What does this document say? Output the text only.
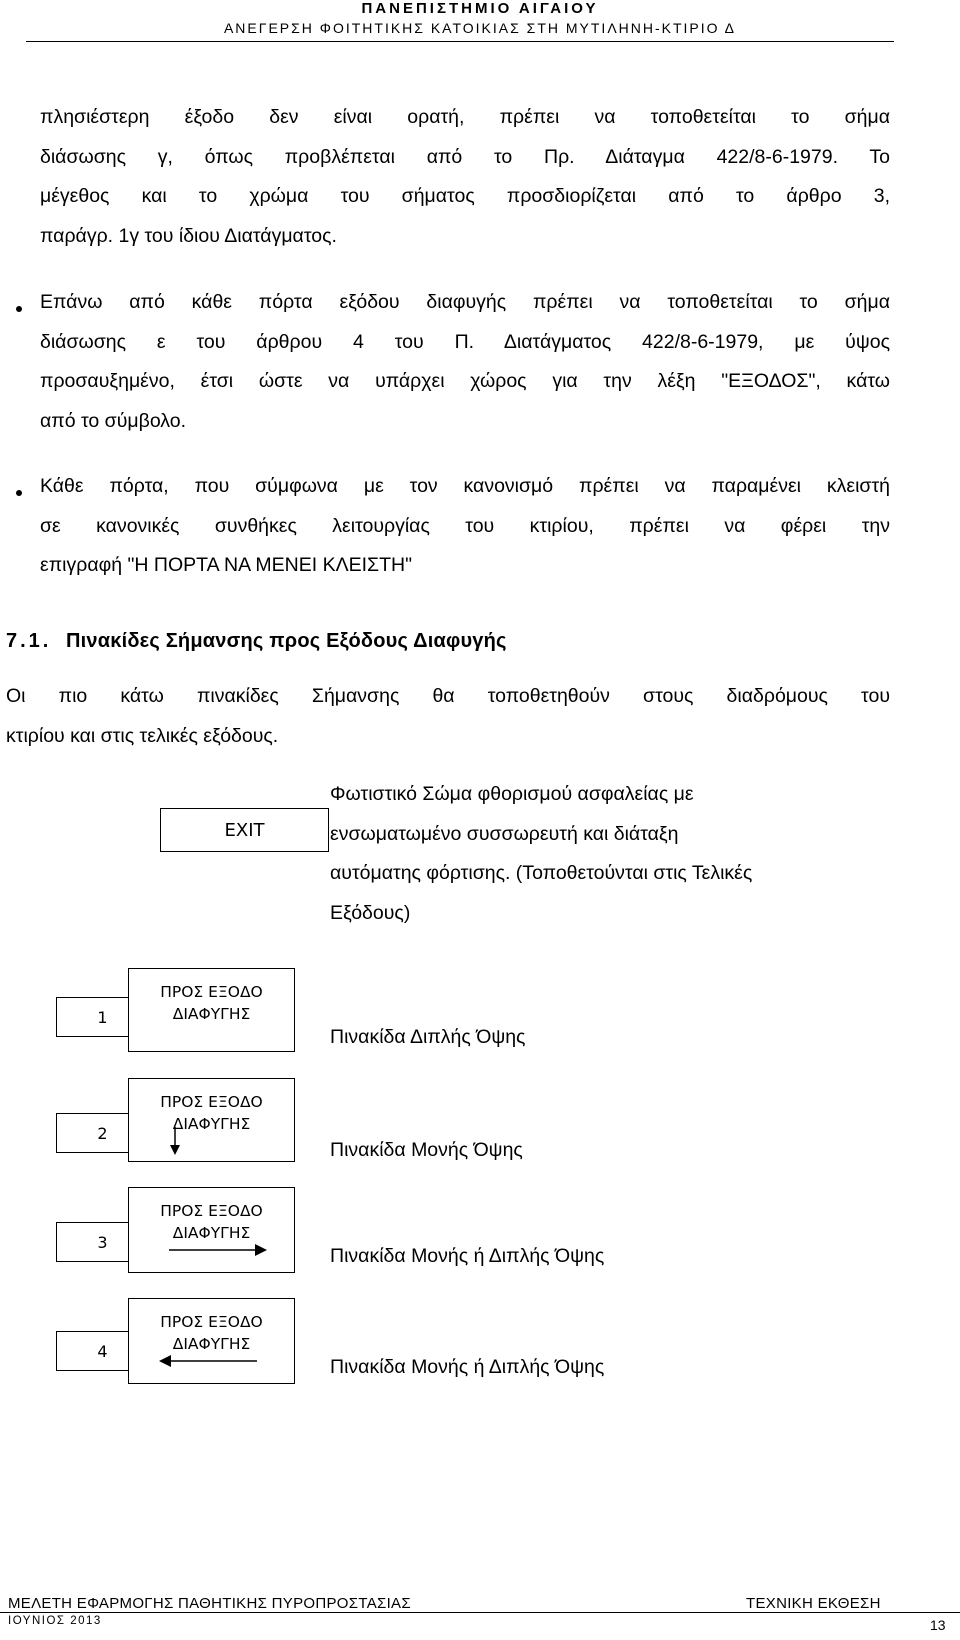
ΠΑΝΕΠΙΣΤΗΜΙΟ ΑΙΓΑΙΟΥ
ΑΝΕΓΕΡΣΗ ΦΟΙΤΗΤΙΚΗΣ ΚΑΤΟΙΚΙΑΣ ΣΤΗ ΜΥΤΙΛΗΝΗ-ΚΤΙΡΙΟ Δ
πλησιέστερη έξοδο δεν είναι ορατή, πρέπει να τοποθετείται το σήμα
διάσωσης γ, όπως προβλέπεται από το Πρ. Διάταγμα 422/8-6-1979. Το
μέγεθος και το χρώμα του σήματος προσδιορίζεται από το άρθρο 3,
παράγρ. 1γ του ίδιου Διατάγματος.
Επάνω από κάθε πόρτα εξόδου διαφυγής πρέπει να τοποθετείται το σήμα
διάσωσης ε του άρθρου 4 του Π. Διατάγματος 422/8-6-1979, με ύψος
προσαυξημένο, έτσι ώστε να υπάρχει χώρος για την λέξη "ΕΞΟΔΟΣ", κάτω
από το σύμβολο.
Κάθε πόρτα, που σύμφωνα με τον κανονισμό πρέπει να παραμένει κλειστή
σε κανονικές συνθήκες λειτουργίας του κτιρίου, πρέπει να φέρει την
επιγραφή "Η ΠΟΡΤΑ ΝΑ ΜΕΝΕΙ ΚΛΕΙΣΤΗ"
7.1. Πινακίδες Σήμανσης προς Εξόδους Διαφυγής
Οι πιο κάτω πινακίδες Σήμανσης θα τοποθετηθούν στους διαδρόμους του
κτιρίου και στις τελικές εξόδους.
EXIT
Φωτιστικό Σώμα φθορισμού ασφαλείας με
ενσωματωμένο συσσωρευτή και διάταξη
αυτόματης φόρτισης. (Τοποθετούνται στις Τελικές
Εξόδους)
1
ΠΡΟΣ ΕΞΟΔΟ
ΔΙΑΦΥΓΗΣ
Πινακίδα Διπλής Όψης
2
ΠΡΟΣ ΕΞΟΔΟ
ΔΙΑΦΥΓΗΣ
Πινακίδα Μονής Όψης
3
ΠΡΟΣ ΕΞΟΔΟ
ΔΙΑΦΥΓΗΣ
Πινακίδα Μονής ή Διπλής Όψης
4
ΠΡΟΣ ΕΞΟΔΟ
ΔΙΑΦΥΓΗΣ
Πινακίδα Μονής ή Διπλής Όψης
ΜΕΛΕΤΗ ΕΦΑΡΜΟΓΗΣ ΠΑΘΗΤΙΚΗΣ ΠΥΡΟΠΡΟΣΤΑΣΙΑΣ	ΤΕΧΝΙΚΗ ΕΚΘΕΣΗ
ΙΟΥΝΙΟΣ 2013	13
